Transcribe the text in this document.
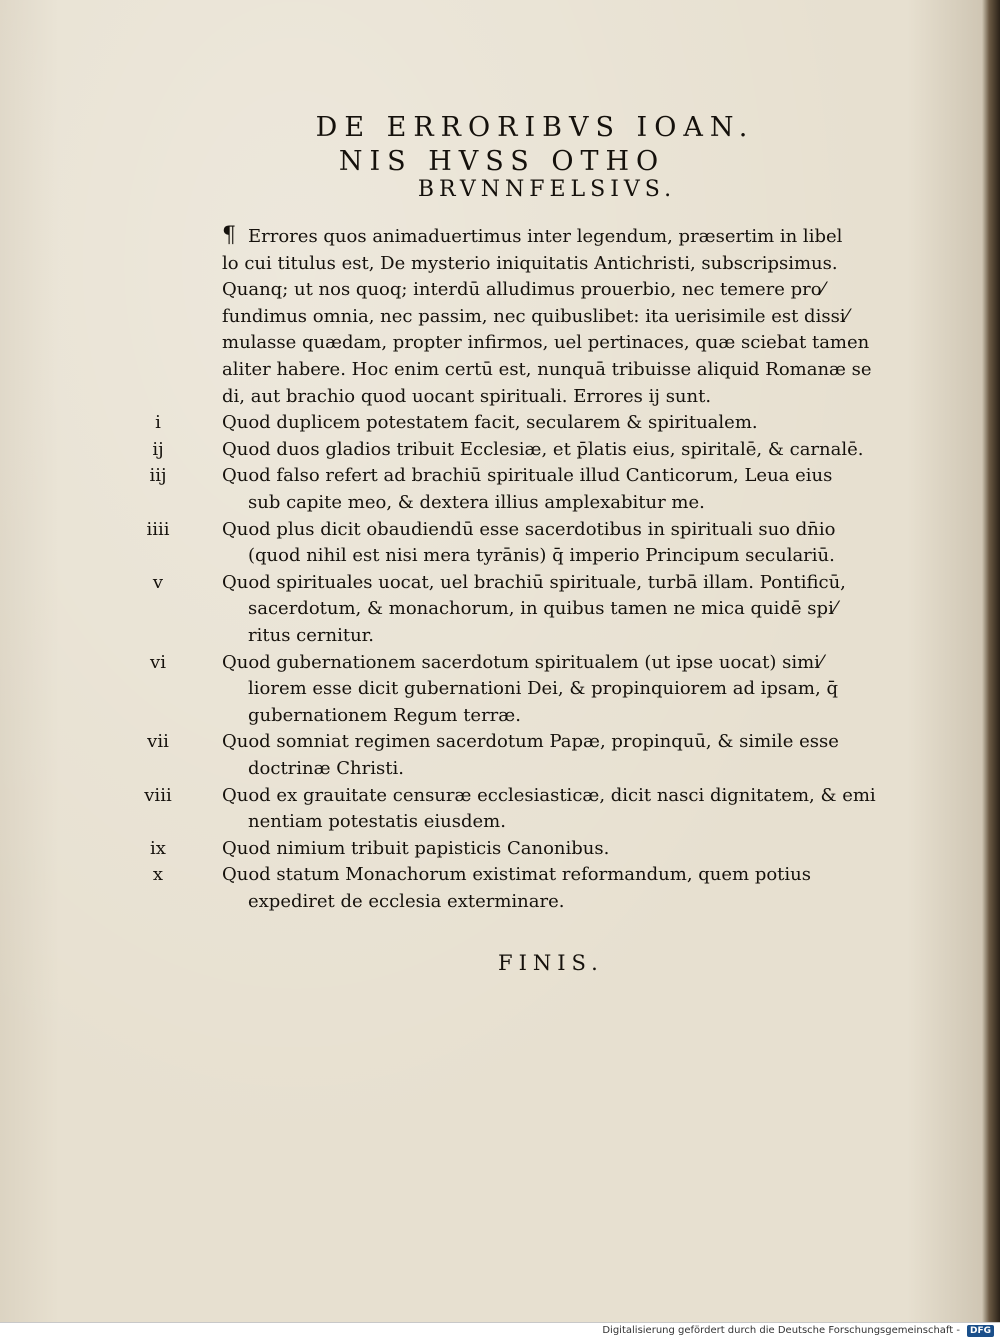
DE ERRORIBVS IOAN.
NIS HVSS OTHO
BRVNNFELSIVS.
¶ Errores quos animaduertimus inter legendum, præsertim in libel
lo cui titulus est, De mysterio iniquitatis Antichristi, subscripsimus.
Quanq; ut nos quoq; interdū alludimus prouerbio, nec temere pro⁄
fundimus omnia, nec passim, nec quibuslibet: ita uerisimile est dissi⁄
mulasse quædam, propter infirmos, uel pertinaces, quæ sciebat tamen
aliter habere. Hoc enim certū est, nunquā tribuisse aliquid Romanæ se
di, aut brachio quod uocant spirituali. Errores ij sunt.
i	Quod duplicem potestatem facit, secularem & spiritualem.
ij	Quod duos gladios tribuit Ecclesiæ, et p̄latis eius, spiritalē, & carnalē.
iij	Quod falso refert ad brachiū spirituale illud Canticorum, Leua eius
sub capite meo, & dextera illius amplexabitur me.
iiii	Quod plus dicit obaudiendū esse sacerdotibus in spirituali suo dn̄io
(quod nihil est nisi mera tyrānis) q̄ imperio Principum seculariū.
v	Quod spirituales uocat, uel brachiū spirituale, turbā illam. Pontificū,
sacerdotum, & monachorum, in quibus tamen ne mica quidē spi⁄
ritus cernitur.
vi	Quod gubernationem sacerdotum spiritualem (ut ipse uocat) simi⁄
liorem esse dicit gubernationi Dei, & propinquiorem ad ipsam, q̄
gubernationem Regum terræ.
vii	Quod somniat regimen sacerdotum Papæ, propinquū, & simile esse
doctrinæ Christi.
viii	Quod ex grauitate censuræ ecclesiasticæ, dicit nasci dignitatem, & emi
nentiam potestatis eiusdem.
ix	Quod nimium tribuit papisticis Canonibus.
x	Quod statum Monachorum existimat reformandum, quem potius
expediret de ecclesia exterminare.
FINIS.
Digitalisierung gefördert durch die Deutsche Forschungsgemeinschaft -	DFG
